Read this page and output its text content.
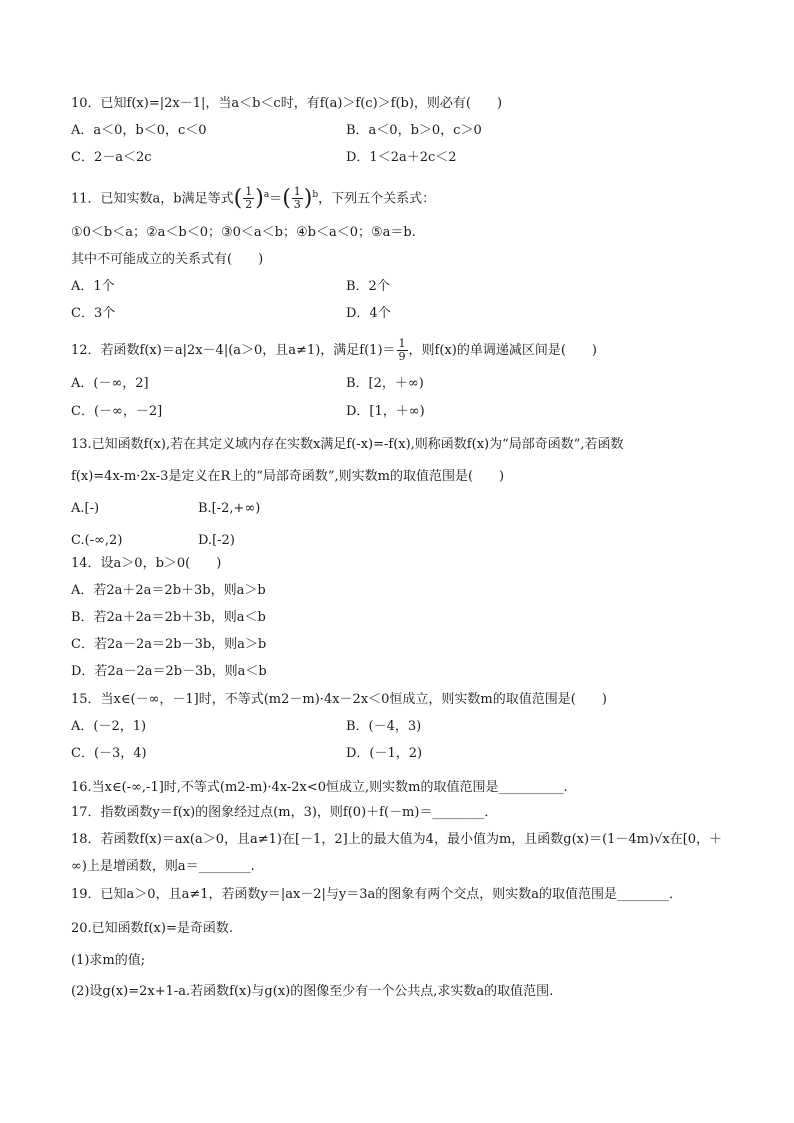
10．已知f(x)=|2x－1|，当a＜b＜c时，有f(a)＞f(c)＞f(b)，则必有(　　)
A．a＜0，b＜0，c＜0	B．a＜0，b＞0，c＞0
C．2－a＜2c	D．1＜2a＋2c＜2
11．已知实数a，b满足等式( $\frac{1}{2} )^a=( \frac{1}{3} )^b$，下列五个关系式：
①0＜b＜a；②a＜b＜0；③0＜a＜b；④b＜a＜0；⑤a＝b.
其中不可能成立的关系式有(　　)
A．1个	B．2个
C．3个	D．4个
12．若函数f(x)＝a|2x－4|(a＞0，且a≠1)，满足$f(1)= \frac{1}{9}$ ，则f(x)的单调递减区间是(　　)
A．(－∞，2]	B．[2，＋∞)
C．(－∞，－2]	D．[1，＋∞)
13.已知函数f(x),若在其定义域内存在实数x满足f(-x)=-f(x),则称函数f(x)为“局部奇函数”,若函数
f(x)=4x-m·2x-3是定义在R上的“局部奇函数”,则实数m的取值范围是(　　)
A.[-)	B.[-2,+∞)
C.(-∞,2)	D.[-2)
14．设a＞0，b＞0(　　)
A．若2a＋2a＝2b＋3b，则a＞b
B．若2a＋2a＝2b＋3b，则a＜b
C．若2a－2a＝2b－3b，则a＞b
D．若2a－2a＝2b－3b，则a＜b
15．当x∈(－∞，－1]时，不等式(m2－m)·4x－2x＜0恒成立，则实数m的取值范围是(　　)
A．(－2，1)	B．(－4，3)
C．(－3，4)	D．(－1，2)
16.当x∈(-∞,-1]时,不等式(m2-m)·4x-2x<0恒成立,则实数m的取值范围是__________.
17．指数函数y＝f(x)的图象经过点(m，3)，则f(0)＋f(－m)＝________．
18．若函数f(x)＝ax(a＞0，且a≠1)在[－1，2]上的最大值为4，最小值为m，且函数g(x)＝(1－4m)√x在[0，＋
∞)上是增函数，则a＝________.
19．已知a＞0，且a≠1，若函数y＝|ax－2|与y＝3a的图象有两个交点，则实数a的取值范围是________．
20.已知函数f(x)=是奇函数.
(1)求m的值;
(2)设g(x)=2x+1-a.若函数f(x)与g(x)的图像至少有一个公共点,求实数a的取值范围.
